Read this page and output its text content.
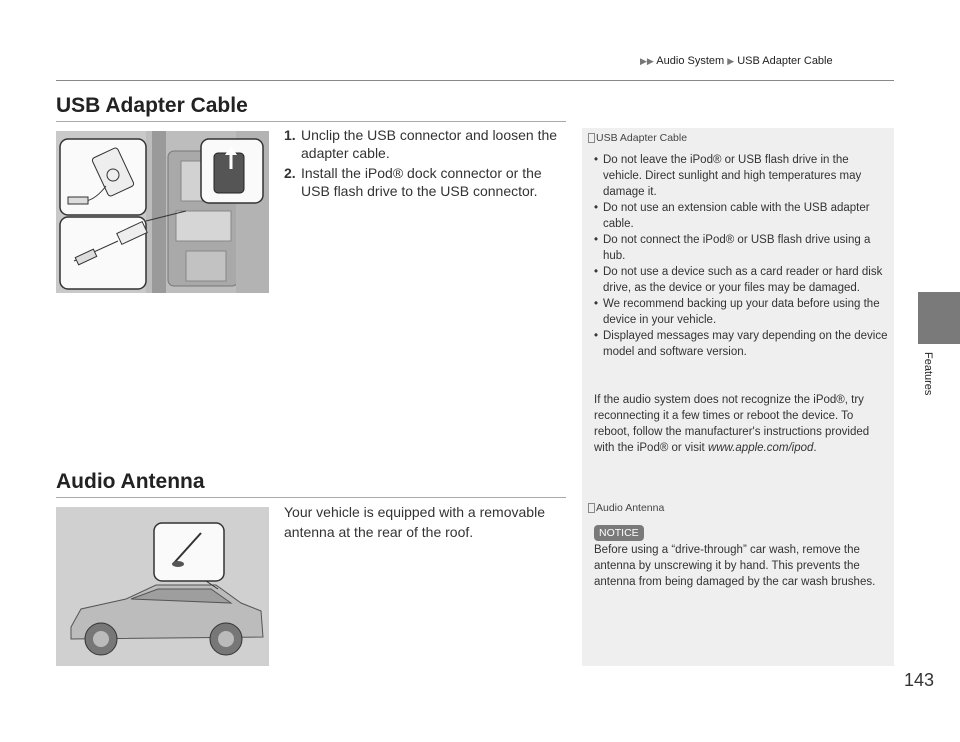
▶▶ Audio System ▶ USB Adapter Cable
Features
USB Adapter Cable
1. Unclip the USB connector and loosen the adapter cable.
2. Install the iPod® dock connector or the USB flash drive to the USB connector.
Audio Antenna
Your vehicle is equipped with a removable antenna at the rear of the roof.
USB Adapter Cable
• Do not leave the iPod® or USB flash drive in the vehicle. Direct sunlight and high temperatures may damage it.
• Do not use an extension cable with the USB adapter cable.
• Do not connect the iPod® or USB flash drive using a hub.
• Do not use a device such as a card reader or hard disk drive, as the device or your files may be damaged.
• We recommend backing up your data before using the device in your vehicle.
• Displayed messages may vary depending on the device model and software version.
If the audio system does not recognize the iPod®, try reconnecting it a few times or reboot the device. To reboot, follow the manufacturer's instructions provided with the iPod® or visit www.apple.com/ipod.
Audio Antenna
NOTICE
Before using a “drive-through” car wash, remove the antenna by unscrewing it by hand. This prevents the antenna from being damaged by the car wash brushes.
143
